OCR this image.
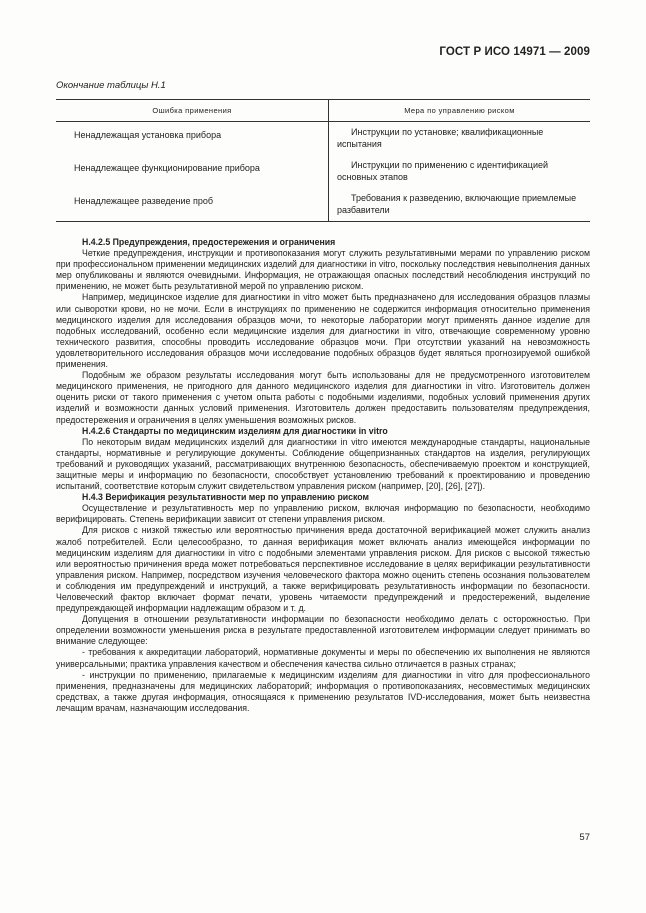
ГОСТ Р ИСО 14971 — 2009
Окончание таблицы Н.1
Ошибка применения	Мера по управлению риском
Ненадлежащая установка прибора	Инструкции по установке; квалификационные испытания
Ненадлежащее функционирование прибора	Инструкции по применению с идентификацией основных этапов
Ненадлежащее разведение проб	Требования к разведению, включающие приемлемые разбавители

Н.4.2.5 Предупреждения, предостережения и ограничения

Четкие предупреждения, инструкции и противопоказания могут служить результативными мерами по управлению риском при профессиональном применении медицинских изделий для диагностики in vitro, поскольку последствия невыполнения данных мер опубликованы и являются очевидными. Информация, не отражающая опасных последствий несоблюдения инструкций по применению, не может быть результативной мерой по управлению риском.

Например, медицинское изделие для диагностики in vitro может быть предназначено для исследования образцов плазмы или сыворотки крови, но не мочи. Если в инструкциях по применению не содержится информация относительно применения медицинского изделия для исследования образцов мочи, то некоторые лаборатории могут применять данное изделие для подобных исследований, особенно если медицинские изделия для диагностики in vitro, отвечающие современному уровню технического развития, способны проводить исследование образцов мочи. При отсутствии указаний на невозможность удовлетворительного исследования образцов мочи исследование подобных образцов будет являться прогнозируемой ошибкой применения.

Подобным же образом результаты исследования могут быть использованы для не предусмотренного изготовителем медицинского применения, не пригодного для данного медицинского изделия для диагностики in vitro. Изготовитель должен оценить риски от такого применения с учетом опыта работы с подобными изделиями, подобных условий применения других изделий и возможности данных условий применения. Изготовитель должен предоставить пользователям предупреждения, предостережения и ограничения в целях уменьшения возможных рисков.

Н.4.2.6 Стандарты по медицинским изделиям для диагностики in vitro

По некоторым видам медицинских изделий для диагностики in vitro имеются международные стандарты, национальные стандарты, нормативные и регулирующие документы. Соблюдение общепризнанных стандартов на изделия, регулирующих требований и руководящих указаний, рассматривающих внутреннюю безопасность, обеспечиваемую проектом и конструкцией, защитные меры и информацию по безопасности, способствует установлению требований к проектированию и проведению испытаний, соответствие которым служит свидетельством управления риском (например, [20], [26], [27]).

Н.4.3 Верификация результативности мер по управлению риском

Осуществление и результативность мер по управлению риском, включая информацию по безопасности, необходимо верифицировать. Степень верификации зависит от степени управления риском.

Для рисков с низкой тяжестью или вероятностью причинения вреда достаточной верификацией может служить анализ жалоб потребителей. Если целесообразно, то данная верификация может включать анализ имеющейся информации по медицинским изделиям для диагностики in vitro с подобными элементами управления риском. Для рисков с высокой тяжестью или вероятностью причинения вреда может потребоваться перспективное исследование в целях верификации результативности управления риском. Например, посредством изучения человеческого фактора можно оценить степень осознания пользователем и соблюдения им предупреждений и инструкций, а также верифицировать результативность информации по безопасности. Человеческий фактор включает формат печати, уровень читаемости предупреждений и предостережений, выделение предупреждающей информации надлежащим образом и т. д.

Допущения в отношении результативности информации по безопасности необходимо делать с осторожностью. При определении возможности уменьшения риска в результате предоставленной изготовителем информации следует принимать во внимание следующее:

- требования к аккредитации лабораторий, нормативные документы и меры по обеспечению их выполнения не являются универсальными; практика управления качеством и обеспечения качества сильно отличается в разных странах;

- инструкции по применению, прилагаемые к медицинским изделиям для диагностики in vitro для профессионального применения, предназначены для медицинских лабораторий; информация о противопоказаниях, несовместимых медицинских средствах, а также другая информация, относящаяся к применению результатов IVD-исследования, может быть неизвестна лечащим врачам, назначающим исследования.

57
